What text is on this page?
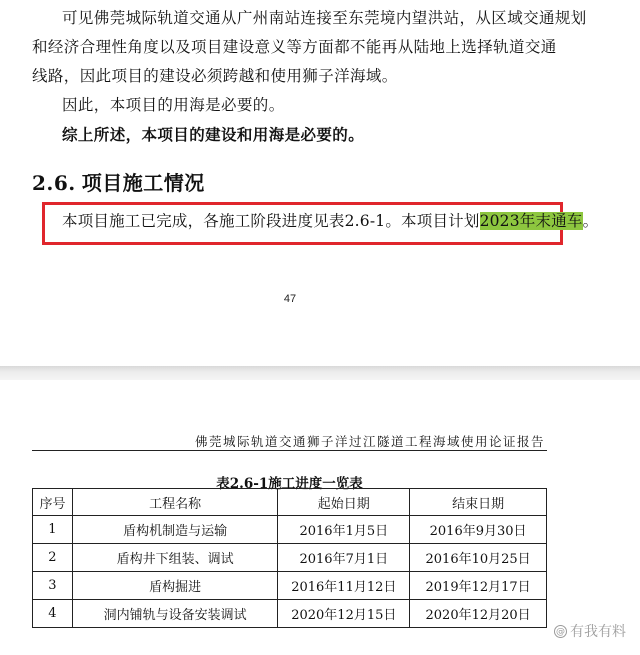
可见佛莞城际轨道交通从广州南站连接至东莞境内望洪站，从区域交通规划
和经济合理性角度以及项目建设意义等方面都不能再从陆地上选择轨道交通
线路，因此项目的建设必须跨越和使用狮子洋海域。
因此，本项目的用海是必要的。
综上所述，本项目的建设和用海是必要的。
2.6. 项目施工情况
本项目施工已完成，各施工阶段进度见表2.6-1。本项目计划2023年末通车。
47
佛莞城际轨道交通狮子洋过江隧道工程海域使用论证报告
表2.6-1施工进度一览表
序号	工程名称	起始日期	结束日期
1	盾构机制造与运输	2016年1月5日	2016年9月30日
2	盾构井下组装、调试	2016年7月1日	2016年10月25日
3	盾构掘进	2016年11月12日	2019年12月17日
4	洞内铺轨与设备安装调试	2020年12月15日	2020年12月20日
@ 有我有料
